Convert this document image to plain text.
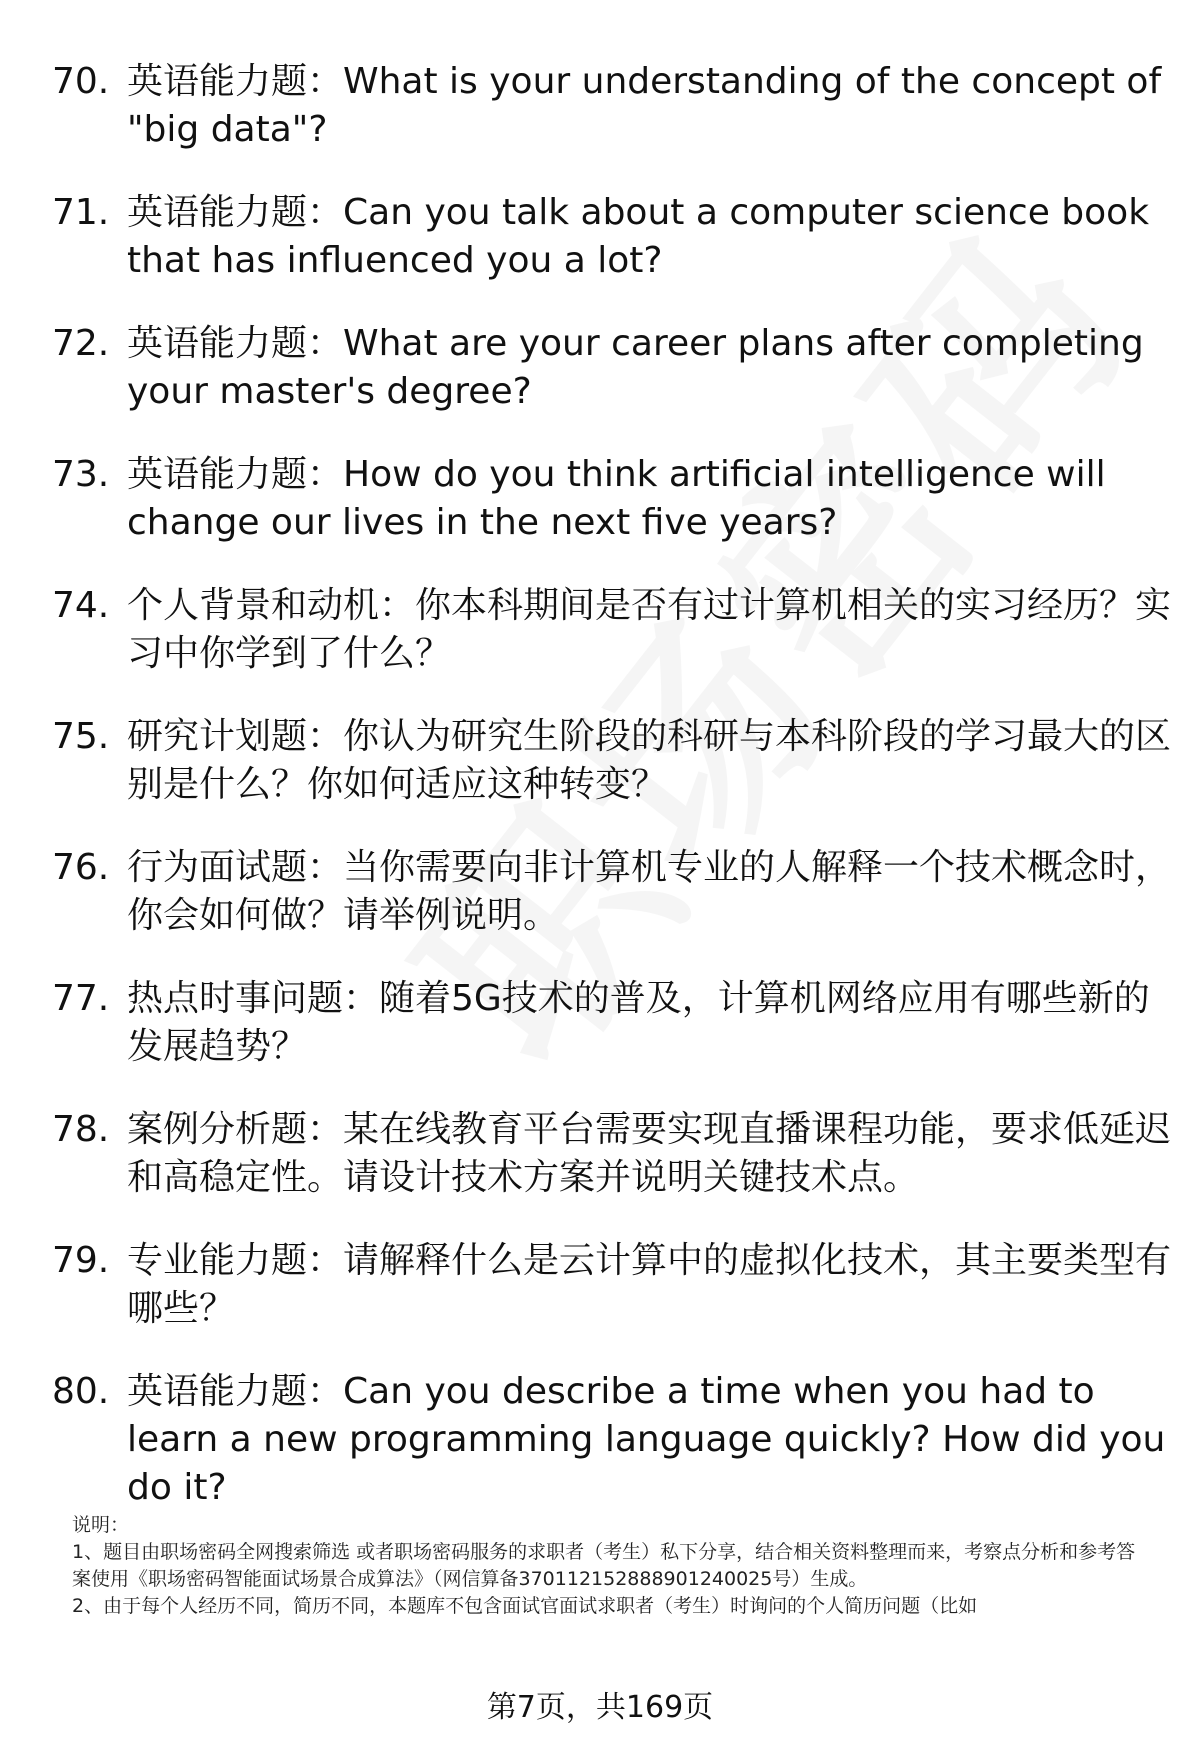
70. 英语能力题：What is your understanding of the concept of "big data"?
71. 英语能力题：Can you talk about a computer science book that has influenced you a lot?
72. 英语能力题：What are your career plans after completing your master's degree?
73. 英语能力题：How do you think artificial intelligence will change our lives in the next five years?
74. 个人背景和动机：你本科期间是否有过计算机相关的实习经历？实习中你学到了什么？
75. 研究计划题：你认为研究生阶段的科研与本科阶段的学习最大的区别是什么？你如何适应这种转变？
76. 行为面试题：当你需要向非计算机专业的人解释一个技术概念时，你会如何做？请举例说明。
77. 热点时事问题：随着5G技术的普及，计算机网络应用有哪些新的发展趋势？
78. 案例分析题：某在线教育平台需要实现直播课程功能，要求低延迟和高稳定性。请设计技术方案并说明关键技术点。
79. 专业能力题：请解释什么是云计算中的虚拟化技术，其主要类型有哪些？
80. 英语能力题：Can you describe a time when you had to learn a new programming language quickly? How did you do it?

说明：

1、题目由职场密码全网搜索筛选 或者职场密码服务的求职者（考生）私下分享，结合相关资料整理而来，考察点分析和参考答案使用《职场密码智能面试场景合成算法》（网信算备370112152888901240025号）生成。

2、由于每个人经历不同，简历不同，本题库不包含面试官面试求职者（考生）时询问的个人简历问题（比如

第7页，共169页
